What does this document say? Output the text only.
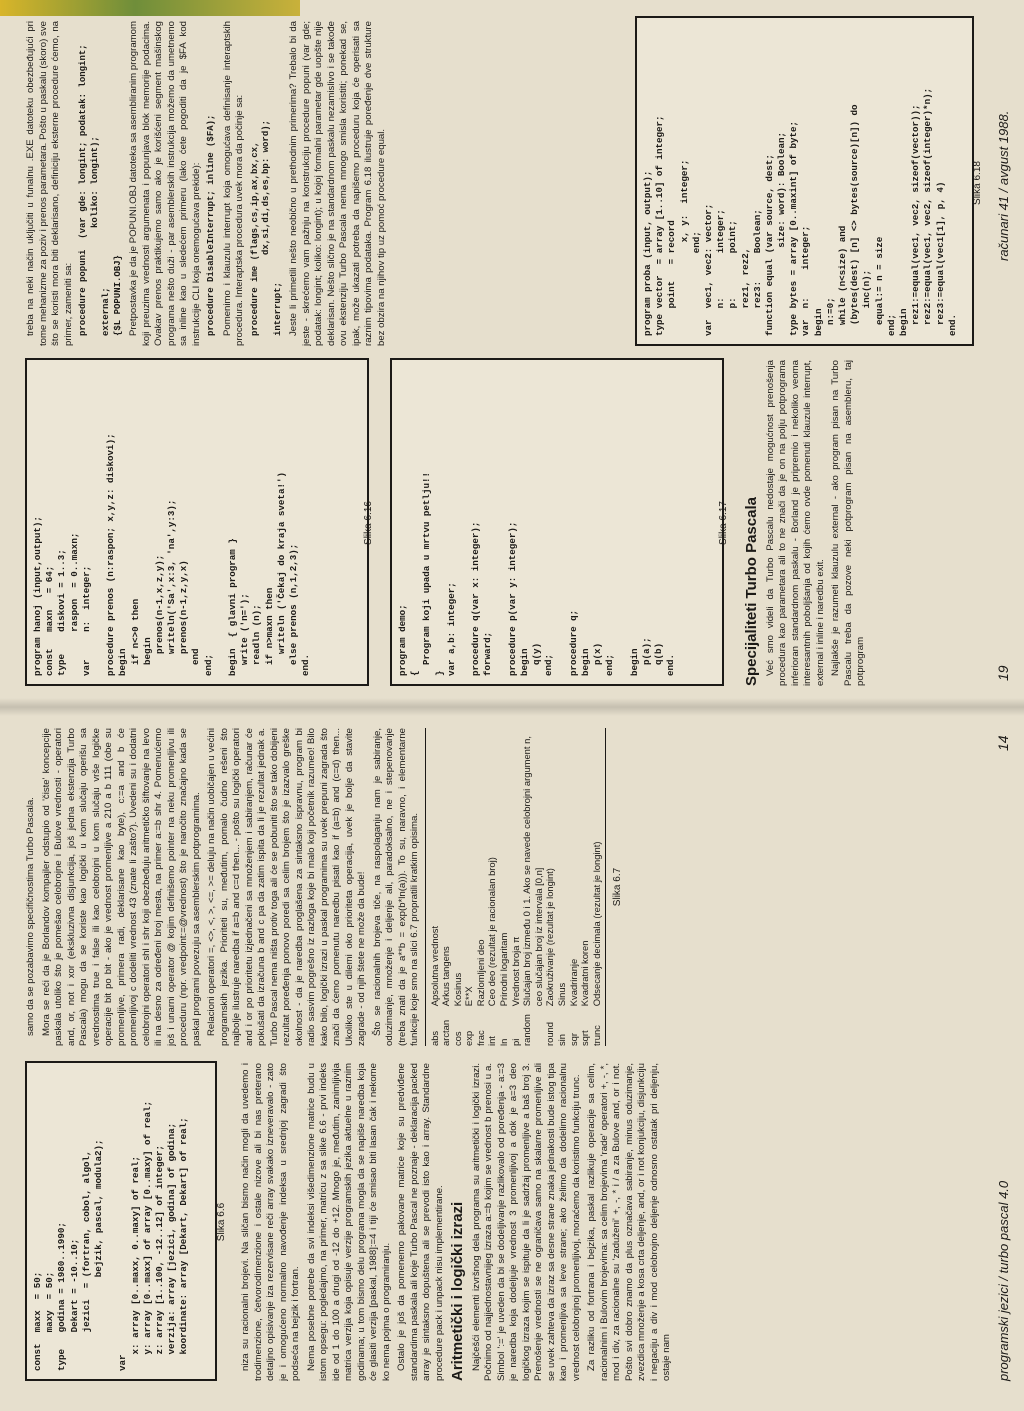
const  maxx  = 50; maxy  = 50; type   godina = 1980..1990; Dekart = -10..10; jezici  = (fortran, cobol, algol, bejzik, pascal, modula2); var x: array [0..maxx, 0..maxy] of real; y: array [0..maxx] of array [0..maxy] of real; z: array [1..100, -12..12] of integer; verzija: array [jezici, godina] of godina; koordinate: array [Dekart, Dekart] of real;	Slika 6.6 niza su racionalni brojevi. Na sličan bismo način mogli da uvedemo i trodimenzione, četvorodimenzione i ostale nizove ali bi nas preterano detaljno opisivanje iza rezervisane reči array svakako izneveravalo - zato je i omogućeno normalno navođenje indeksa u srednjoj zagradi što podseća na bejzik i fortran. Nema posebne potrebe da svi indeksi višedimenzione matrice budu u istom opsegu: pogledajmo, na primer, matricu z sa slike 6.6 - prvi indeks ide od 1 do 100 a drugi od -12 do +12. Mnogo je, međutim, zanimljivija matrica verzija koja opisuje verzije programskih jezika aktuelne u raznim godinama; u tom bismo delu programa mogla da se napiše naredba koja će glasiti verzija [paskal, 1988]:=4 i tiji će smisao biti lasan čak i nekome ko nema pojma o programiranju. Ostalo je još da pomenemo pakovane matrice koje su predviđene standardima paskala ali koje Turbo Pascal ne poznaje - deklaracija packed array je sintaksno dopuštena ali se prevodi isto kao i array. Standardne procedure pack i unpack nisu implementirane. Aritmetički i logički izrazi Najčešći elementi izvršnog dela programa su aritmetički i logički izrazi. Počnimo od najjednostavnijeg izraza a:=b kojim se vrednost b prenosi u a. Simbol ':=' je uveden da bi se dodeljivanje razlikovalo od poređenja - a:=3 je naredba koja dodeljuje vrednost 3 promenljivoj a dok je a=3 deo logičkog izraza kojim se ispituje da li je sadržaj promenljive a baš broj 3. Prenošenje vrednosti se ne ograničava samo na skalarne promenljive ali se uvek zahteva da izraz sa desne strane znaka jednakosti bude istog tipa kao i promenljiva sa leve strane; ako želimo da dodelimo racionalnu vrednost celobrojnoj promenljivoj, moraćemo da koristimo funkciju trunc. Za razliku od fortrana i bejzika, paskal razlikuje operacije sa celim, racionalnim i Bulovim brojevima: sa celim brojevima 'rade' operatori +, -, *, mod i div, za racionalne su 'zaduženi' +, -, * i / a za Bulove and, or i not. Pošto svi dobro znamo da plus označava sabiranje, minus oduzimanje, zvezdica množenje a kosa crta deljenje, and, or i not konjukciju, disjunkciju i negaciju a div i mod celobrojno deljenje odnosno ostatak pri deljenju, ostaje nam

samo da se pozabavimo specifičnostima Turbo Pascala. Mora se reći da je Borlandov kompajler odstupio od 'čiste' koncepcije paskala utoliko što je pomešao celobrojne i Bulove vrednosti - operatori and, or, not i xor (ekskluzivna disjunkcija, još jedna ekstenzija Turbo Pascala) mogu da se koriste kao logički u kom slučaju operišu sa vrednostima true i false ili kao celobrojni u kom slučaju vrše logičke operacije bit po bit - ako je vrednost promenljive a 210 a b 111 (obe su promenljive, primera radi, deklarisane kao byte), c:=a and b će promenljivoj c dodeliti vrednost 43 (znate li zašto?). Uvedeni su i dodatni celobrojni operatori shl i shr koji obezbeđuju aritmetičko šiftovanje na levo ili na desno za određeni broj mesta, na primer a:=b shr 4. Pomenućemo još i unarni operator @ kojim definišemo pointer na neku promenljivu ili proceduru (npr. vredpoint:=@vrednost) što je naročito značajno kada se paskal programi povezuju sa asemblerskim potprogramima. Relacioni operatori =, <>, <, >, <=, >= deluju na način uobičajen u većini programskih jezika. Prioriteti su, međutim, pomalo čudno rešeni što najbolje ilustruje naredba if a=b and c=d then... - pošto su logički operatori and i or po prioritetu izjednačeni sa množenjem i sabiranjem, računar će pokušati da izračuna b and c pa da zatim ispita da li je rezultat jednak a. Turbo Pascal nema ništa protiv toga ali će se pobuniti što se tako dobijeni rezultat poređenja ponovo poredi sa celim brojem što je izazvalo greške okolnost - da je naredba proglašena za sintaksno ispravnu, program bi radio sasvim pogrešno iz razloga koje bi malo koji početnik razumeo! Bilo kako bilo, logički izrazi u paskal programima su uvek prepuni zagrada što znači da ćemo pomenutu naredbu pisati kao if (a=b) and (c=d) then... Ukoliko ste u dilemi oko prioriteta operacija, uvek je bolje da stavite zagrade - od njih štete ne može da bude! Što se racionalnih brojeva tiče, na raspolaganju nam je sabiranje, oduzimanje, množenje i deljenje ali, paradoksalno, ne i stepenovanje (treba znati da je a**b = exp(b*ln(a))). To su, naravno, i elementarne funkcije koje smo na slici 6.7 propratili kratkim opisima. abs	Apsolutna vrednost
arctan	Arkus tangens
cos	Kosinus
exp	E**X
frac	Razlomljeni deo
int	Ceo deo (rezultat je racionalan broj)
ln	Prirodni logaritam
pi	Vrednost broja π
random	Slučajan broj između 0 i 1. Ako se navede celobrojni argument n, ceo slučajan broj iz intervala [0,n]
round	Zaokruživanje (rezultat je longint)
sin	Sinus
sqr	Kvadriranje
sqrt	Kvadratni koren
trunc	Odsecanje decimala (rezultat je longint) Slika 6.7
programski jezici / turbo pascal 4.0
14
program hanoj (input,output); const   maxn   = 64; type    diskovi = 1..3; raspon  = 0..maxn; var     n:  integer; procedure prenos (n:raspon; x,y,z: diskovi); begin if n<>0 then begin prenos(n-1,x,z,y); writeln('Sa',x:3, 'na',y:3); prenos(n-1,z,y,x) end end; begin  { glavni program } write ('n='); readln (n); if n>maxn then writeln ('Čekaj do kraja sveta!') else prenos (n,1,2,3); end.
Slika 6.16
program demo; { Program koji upada u mrtvu petlju!! } var a,b: integer; procedure q(var x: integer); forward; procedure p(var y: integer); begin q(y) end; procedure q; begin p(x) end; begin p(a); q(b) end.
Slika 6.17 Specijaliteti Turbo Pascala Već smo videli da Turbo Pascalu nedostaje mogućnost prenošenja procedura kao parametara ali to ne znači da je on na polju potprograma inferioran standardnom paskalu - Borland je pripremio i nekoliko veoma interesantnih poboljšanja od kojih ćemo ovde pomenuti klauzule interrupt, external i inline i naredbu exit. Najlakše je razumeti klauzulu external - ako program pisan na Turbo Pascalu treba da pozove neki potprogram pisan na asembleru, taj potprogram

treba na neki način uključiti u funalnu .EXE datoteku obezbeđujući pri tome mehanizme za poziv i prenos parametara. Pošto u paskalu (skoro) sve što se koristi mora biti deklarisano, definiciju eksterne procedure ćemo, na primer, zameniti sa: procedure popuni  (var gde: longint; podatak: longint; koliko: longint); external; {$L POPUNI.OBJ} Pretpostavka je da je POPUNI.OBJ datoteka sa asembliranim programom koji preuzima vrednosti argumenata i popunjava blok memorije podacima. Ovakav prenos praktikujemo samo ako je korišćeni segment mašinskog programa nešto duži - par asemblerskih instrukcija možemo da umetnemo sa inline kao u sledećem primeru (lako ćete pogoditi da je $FA kod instrukcije CLI koja onemogućava prekide): procedure DisableInterrupt; inline ($FA); Pomenimo i klauzulu interrupt koja omogućava definisanje interaptskih procedura. Interaptska procedura uvek mora da počinje sa: procedure ime (flags,cs,ip,ax,bx,cx, dx,si,di,ds,es,bp: word); interrupt; Jeste li primetili nešto neobično u prethodnim primerima? Trebalo bi da jeste - skrećemo vam pažnju na konstrukciju procedure popuni (var gde; podatak: longint; koliko: longint); u kojoj formalni parametar gde uopšte nije deklarisan. Nešto slično je na standardnom paskalu nezamislivo i se takođe ovu ekstenziju Turbo Pascala nema mnogo smisla koristiti; ponekad se, ipak, može ukazati potreba da napišemo proceduru koja će operisati sa raznim tipovima podataka. Program 6.18 ilustruje poređenje dve strukture bez obzira na njihov tip uz pomoć procedure equal.	program proba (input, output); type vector  = array [1..10] of integer; point   = record x, y:  integer; end; var  vec1, vec2: vector; n:        integer; p:        point; rez1, rez2, rez3:     Boolean; function equal (var source, dest; size: word): Boolean; type bytes = array [0..maxint] of byte; var  n:     integer; begin n:=0; while (n<size) and (bytes(dest) [n] <> bytes(source)[n]) do inc(n); equal:= n = size end; begin rez1:=equal(vec1, vec2, sizeof(vector)); rez2:=equal(vec1, vec2, sizeof(integer)*n); rez3:=equal(vec1[1], p, 4) end.
Slika 6.18
19
računari 41 / avgust 1988.
